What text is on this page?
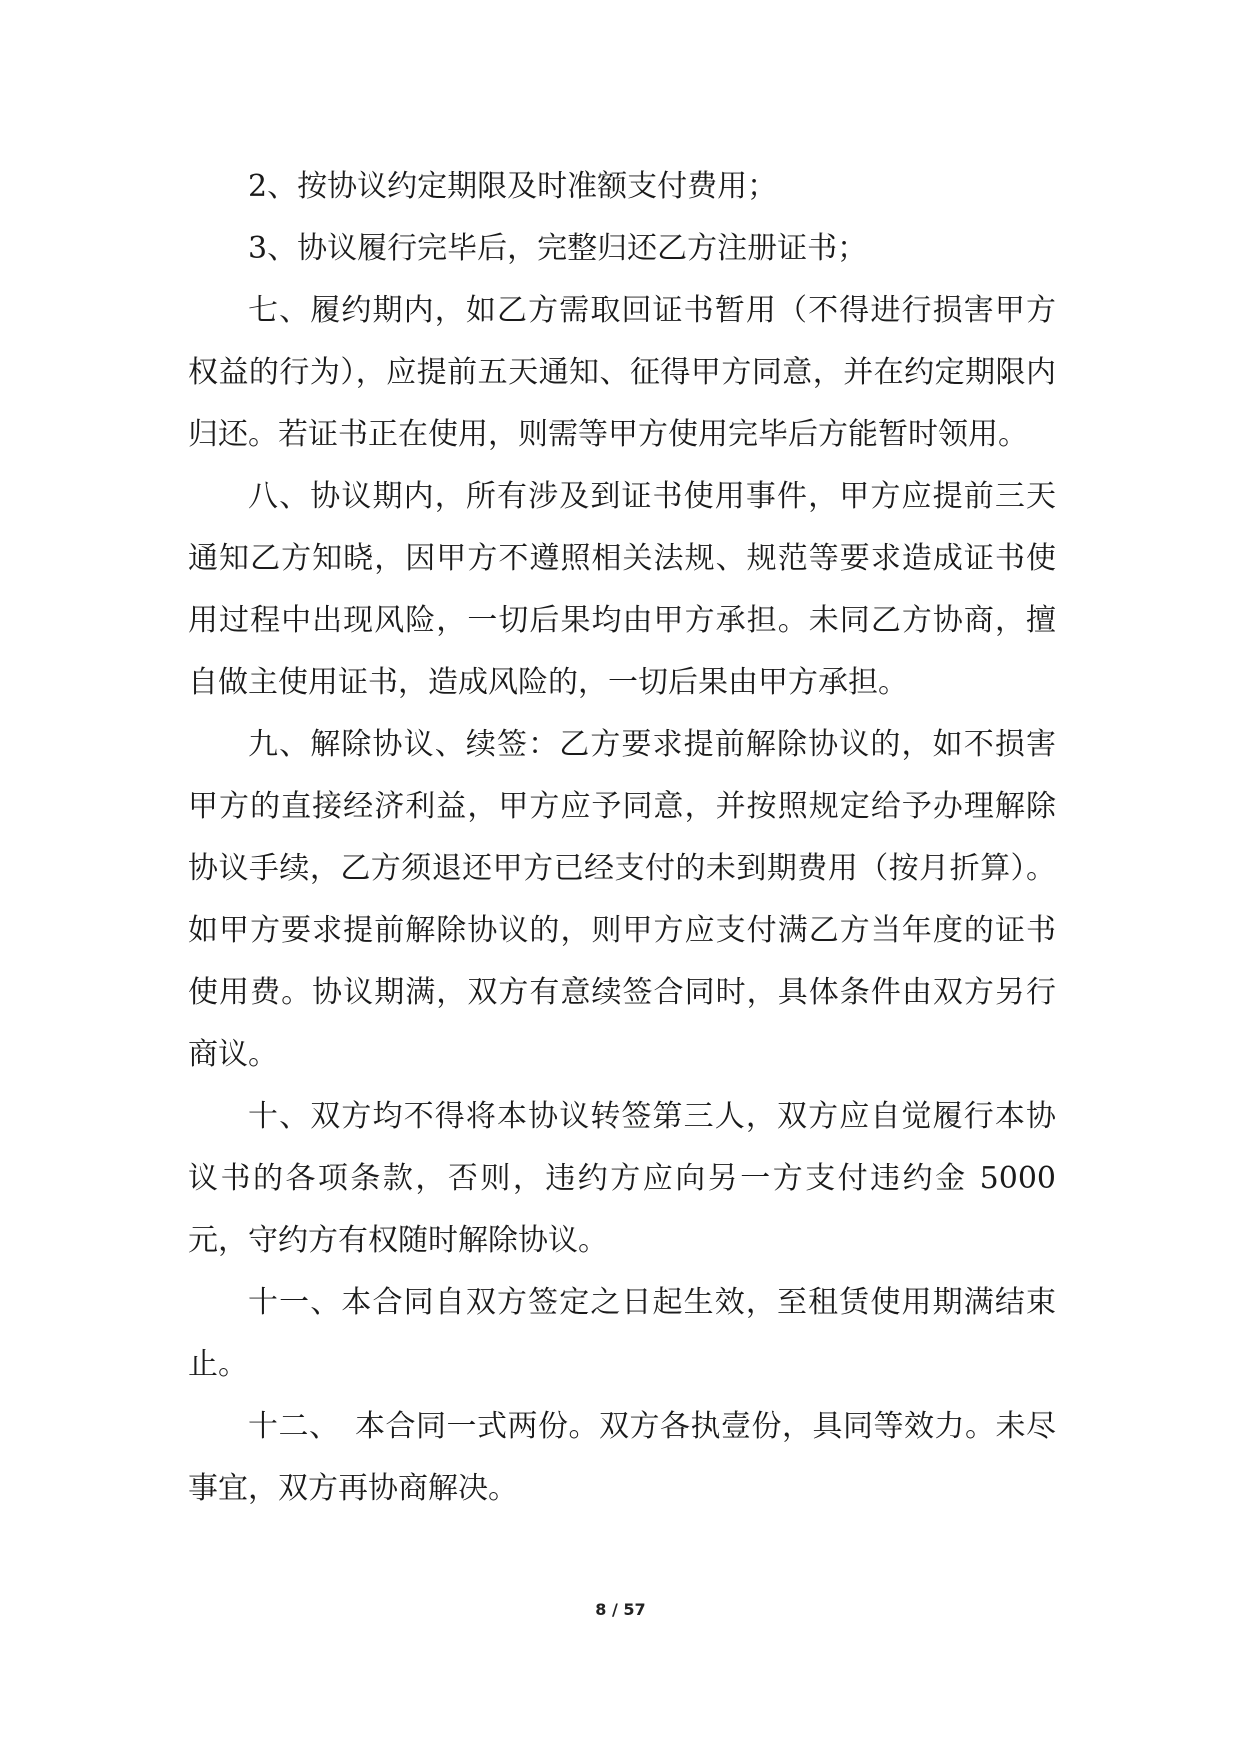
2、按协议约定期限及时准额支付费用；

3、协议履行完毕后，完整归还乙方注册证书；

七、履约期内，如乙方需取回证书暂用（不得进行损害甲方权益的行为），应提前五天通知、征得甲方同意，并在约定期限内归还。若证书正在使用，则需等甲方使用完毕后方能暂时领用。

八、协议期内，所有涉及到证书使用事件，甲方应提前三天通知乙方知晓，因甲方不遵照相关法规、规范等要求造成证书使用过程中出现风险，一切后果均由甲方承担。未同乙方协商，擅自做主使用证书，造成风险的，一切后果由甲方承担。

九、解除协议、续签：乙方要求提前解除协议的，如不损害甲方的直接经济利益，甲方应予同意，并按照规定给予办理解除协议手续，乙方须退还甲方已经支付的未到期费用（按月折算）。如甲方要求提前解除协议的，则甲方应支付满乙方当年度的证书使用费。协议期满，双方有意续签合同时，具体条件由双方另行商议。

十、双方均不得将本协议转签第三人，双方应自觉履行本协议书的各项条款，否则，违约方应向另一方支付违约金 5000 元，守约方有权随时解除协议。

十一、本合同自双方签定之日起生效，至租赁使用期满结束止。

十二、　本合同一式两份。双方各执壹份，具同等效力。未尽事宜，双方再协商解决。

8 / 57
